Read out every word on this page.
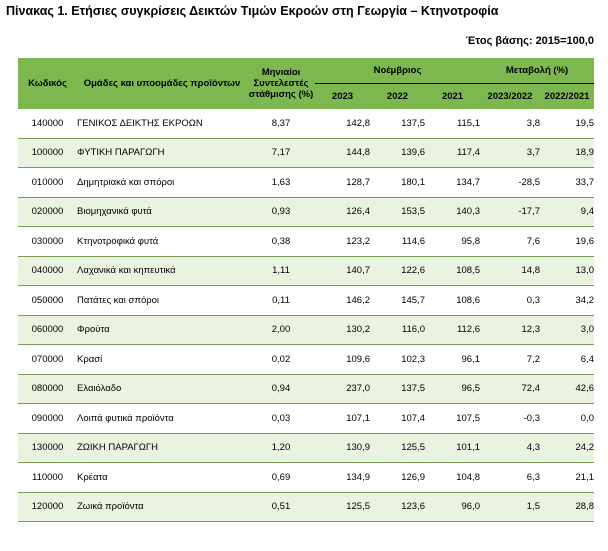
Πίνακας 1. Ετήσιες συγκρίσεις Δεικτών Τιμών Εκροών στη Γεωργία – Κτηνοτροφία
Έτος βάσης: 2015=100,0
Κωδικός	Ομάδες και υποομάδες προϊόντων	Μηνιαίοι Συντελεστές στάθμισης (%)	Νοέμβριος			Μεταβολή (%)	
			2023	2022	2021	2023/2022	2022/2021
140000	ΓΕΝΙΚΟΣ ΔΕΙΚΤΗΣ ΕΚΡΟΩΝ	8,37	142,8	137,5	115,1	3,8	19,5
100000	ΦΥΤΙΚΗ ΠΑΡΑΓΩΓΗ	7,17	144,8	139,6	117,4	3,7	18,9
010000	Δημητριακά και σπόροι	1,63	128,7	180,1	134,7	-28,5	33,7
020000	Βιομηχανικά φυτά	0,93	126,4	153,5	140,3	-17,7	9,4
030000	Κτηνοτροφικά φυτά	0,38	123,2	114,6	95,8	7,6	19,6
040000	Λαχανικά και κηπευτικά	1,11	140,7	122,6	108,5	14,8	13,0
050000	Πατάτες και σπόροι	0,11	146,2	145,7	108,6	0,3	34,2
060000	Φρούτα	2,00	130,2	116,0	112,6	12,3	3,0
070000	Κρασί	0,02	109,6	102,3	96,1	7,2	6,4
080000	Ελαιόλαδο	0,94	237,0	137,5	96,5	72,4	42,6
090000	Λοιπά φυτικά προϊόντα	0,03	107,1	107,4	107,5	-0,3	0,0
130000	ΖΩΙΚΗ ΠΑΡΑΓΩΓΗ	1,20	130,9	125,5	101,1	4,3	24,2
110000	Κρέατα	0,69	134,9	126,9	104,8	6,3	21,1
120000	Ζωικά προϊόντα	0,51	125,5	123,6	96,0	1,5	28,8
